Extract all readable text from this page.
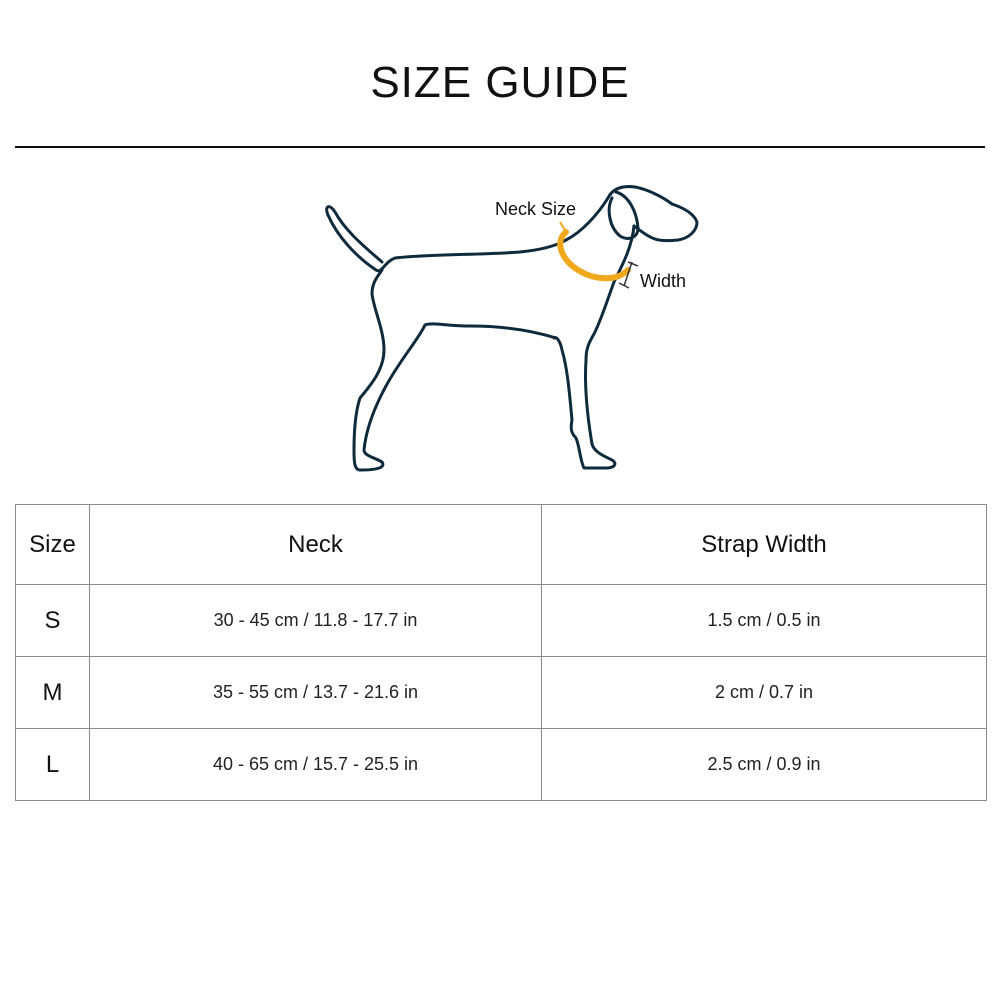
SIZE GUIDE
Neck Size
Width
Size	Neck	Strap Width
S	30 - 45 cm / 11.8 - 17.7 in	1.5 cm / 0.5 in
M	35 - 55 cm / 13.7 - 21.6 in	2 cm / 0.7 in
L	40 - 65 cm / 15.7 - 25.5 in	2.5 cm / 0.9 in
